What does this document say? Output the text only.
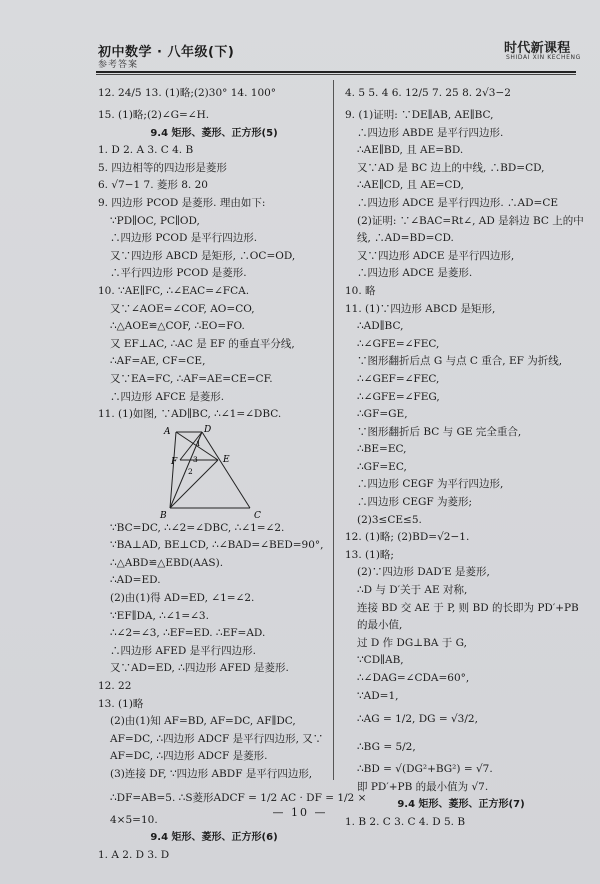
初中数学 · 八年级(下)
参考答案
时代新课程
SHIDAI XIN KECHENG
12. 24/5 13. (1)略;(2)30° 14. 100°
15. (1)略;(2)∠G=∠H.
9.4 矩形、菱形、正方形(5)
1. D 2. A 3. C 4. B
5. 四边相等的四边形是菱形
6. √7−1 7. 菱形 8. 20
9. 四边形 PCOD 是菱形. 理由如下:
∵PD∥OC, PC∥OD,
∴四边形 PCOD 是平行四边形.
又∵四边形 ABCD 是矩形, ∴OC=OD,
∴平行四边形 PCOD 是菱形.
10. ∵AE∥FC, ∴∠EAC=∠FCA.
又∵∠AOE=∠COF, AO=CO,
∴△AOE≌△COF, ∴EO=FO.
又 EF⊥AC, ∴AC 是 EF 的垂直平分线,
∴AF=AE, CF=CE,
又∵EA=FC, ∴AF=AE=CE=CF.
∴四边形 AFCE 是菱形.
11. (1)如图, ∵AD∥BC, ∴∠1=∠DBC.
A	D
B	C
E
F
1
2
3
∵BC=DC, ∴∠2=∠DBC, ∴∠1=∠2.
∵BA⊥AD, BE⊥CD, ∴∠BAD=∠BED=90°,
∴△ABD≌△EBD(AAS).
∴AD=ED.
(2)由(1)得 AD=ED, ∠1=∠2.
∵EF∥DA, ∴∠1=∠3.
∴∠2=∠3, ∴EF=ED. ∴EF=AD.
∴四边形 AFED 是平行四边形.
又∵AD=ED, ∴四边形 AFED 是菱形.
12. 22
13. (1)略
(2)由(1)知 AF=BD, AF=DC, AF∥DC,
AF=DC, ∴四边形 ADCF 是平行四边形, 又∵
AF=DC, ∴四边形 ADCF 是菱形.
(3)连接 DF, ∵四边形 ABDF 是平行四边形,
∴DF=AB=5. ∴S菱形ADCF = 1/2 AC · DF = 1/2 ×
4×5=10.
9.4 矩形、菱形、正方形(6)
1. A 2. D 3. D
4. 5 5. 4 6. 12/5 7. 25 8. 2√3−2
9. (1)证明: ∵DE∥AB, AE∥BC,
∴四边形 ABDE 是平行四边形.
∴AE∥BD, 且 AE=BD.
又∵AD 是 BC 边上的中线, ∴BD=CD,
∴AE∥CD, 且 AE=CD,
∴四边形 ADCE 是平行四边形. ∴AD=CE
(2)证明: ∵∠BAC=Rt∠, AD 是斜边 BC 上的中
线, ∴AD=BD=CD.
又∵四边形 ADCE 是平行四边形,
∴四边形 ADCE 是菱形.
10. 略
11. (1)∵四边形 ABCD 是矩形,
∴AD∥BC,
∴∠GFE=∠FEC,
∵图形翻折后点 G 与点 C 重合, EF 为折线,
∴∠GEF=∠FEC,
∴∠GFE=∠FEG,
∴GF=GE,
∵图形翻折后 BC 与 GE 完全重合,
∴BE=EC,
∴GF=EC,
∴四边形 CEGF 为平行四边形,
∴四边形 CEGF 为菱形;
(2)3≤CE≤5.
12. (1)略; (2)BD=√2−1.
13. (1)略;
(2)∵四边形 DAD′E 是菱形,
∴D 与 D′关于 AE 对称,
连接 BD 交 AE 于 P, 则 BD 的长即为 PD′+PB
的最小值,
过 D 作 DG⊥BA 于 G,
∵CD∥AB,
∴∠DAG=∠CDA=60°,
∵AD=1,
∴AG = 1/2, DG = √3/2,
∴BG = 5/2,
∴BD = √(DG²+BG²) = √7.
即 PD′+PB 的最小值为 √7.
9.4 矩形、菱形、正方形(7)
1. B 2. C 3. C 4. D 5. B
— 10 —
